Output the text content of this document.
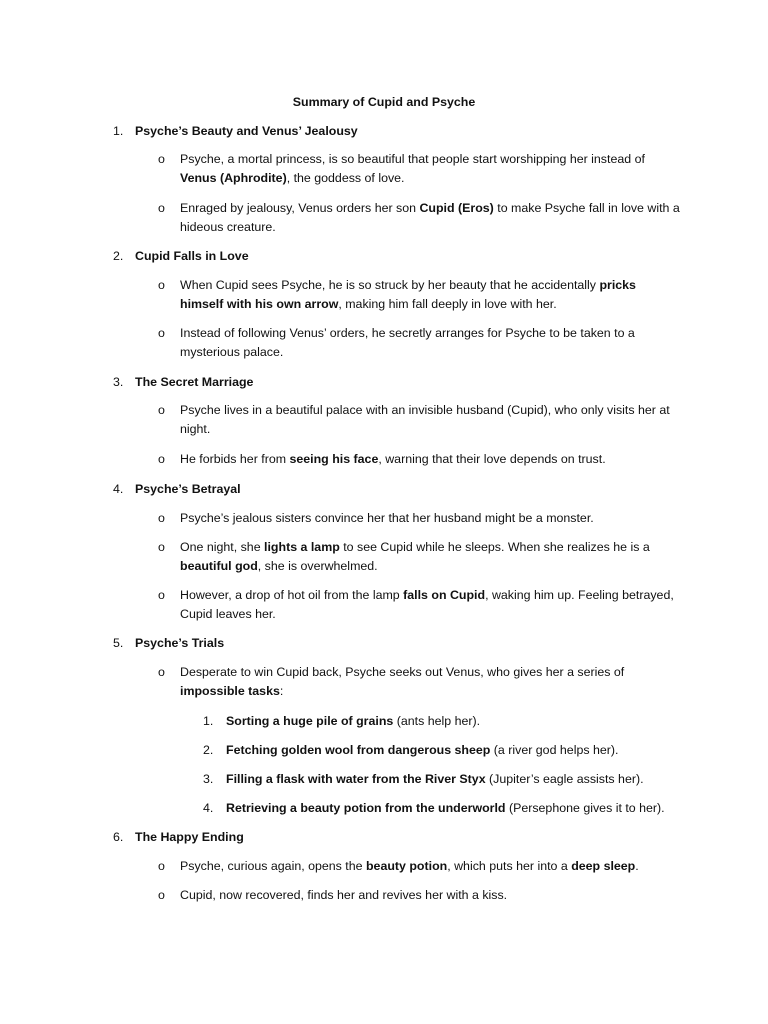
Summary of Cupid and Psyche
1. Psyche’s Beauty and Venus’ Jealousy
o Psyche, a mortal princess, is so beautiful that people start worshipping her instead of Venus (Aphrodite), the goddess of love.
o Enraged by jealousy, Venus orders her son Cupid (Eros) to make Psyche fall in love with a hideous creature.
2. Cupid Falls in Love
o When Cupid sees Psyche, he is so struck by her beauty that he accidentally pricks himself with his own arrow, making him fall deeply in love with her.
o Instead of following Venus’ orders, he secretly arranges for Psyche to be taken to a mysterious palace.
3. The Secret Marriage
o Psyche lives in a beautiful palace with an invisible husband (Cupid), who only visits her at night.
o He forbids her from seeing his face, warning that their love depends on trust.
4. Psyche’s Betrayal
o Psyche’s jealous sisters convince her that her husband might be a monster.
o One night, she lights a lamp to see Cupid while he sleeps. When she realizes he is a beautiful god, she is overwhelmed.
o However, a drop of hot oil from the lamp falls on Cupid, waking him up. Feeling betrayed, Cupid leaves her.
5. Psyche’s Trials
o Desperate to win Cupid back, Psyche seeks out Venus, who gives her a series of impossible tasks:
1. Sorting a huge pile of grains (ants help her).
2. Fetching golden wool from dangerous sheep (a river god helps her).
3. Filling a flask with water from the River Styx (Jupiter’s eagle assists her).
4. Retrieving a beauty potion from the underworld (Persephone gives it to her).
6. The Happy Ending
o Psyche, curious again, opens the beauty potion, which puts her into a deep sleep.
o Cupid, now recovered, finds her and revives her with a kiss.
